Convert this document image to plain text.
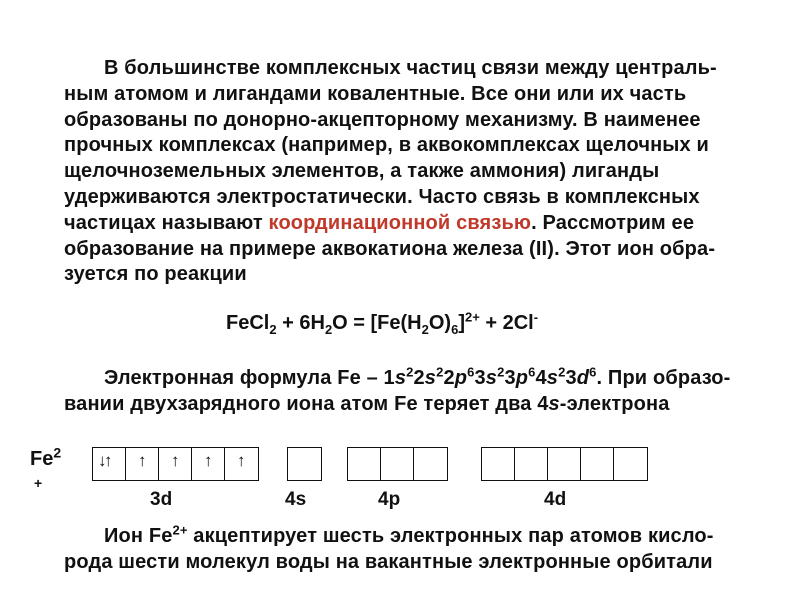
В большинстве комплексных частиц связи между централь-
ным атомом и лигандами ковалентные. Все они или их часть
образованы по донорно-акцепторному механизму. В наименее
прочных комплексах (например, в аквокомплексах щелочных и
щелочноземельных элементов, а также аммония) лиганды
удерживаются электростатически. Часто связь в комплексных
частицах называют координационной связью. Рассмотрим ее
образование на примере аквокатиона железа (II). Этот ион обра-
зуется по реакции
FeCl$_2$ + $6H_2O = [Fe(H_2O)_6]^{2+} + 2Cl^-$
Электронная формула Fe – $1s^22s^22p^63s^23p^64s^23d^6$. При образо-
вании двухзарядного иона атом Fe теряет два 4s-электрона
$Fe^2$
+
↑
↓ ↑ ↑ ↑ ↑
3d	4s	4p	4d
Ион $Fe^{2+}$ акцептирует шесть электронных пар атомов кисло-
рода шести молекул воды на вакантные электронные орбитали
